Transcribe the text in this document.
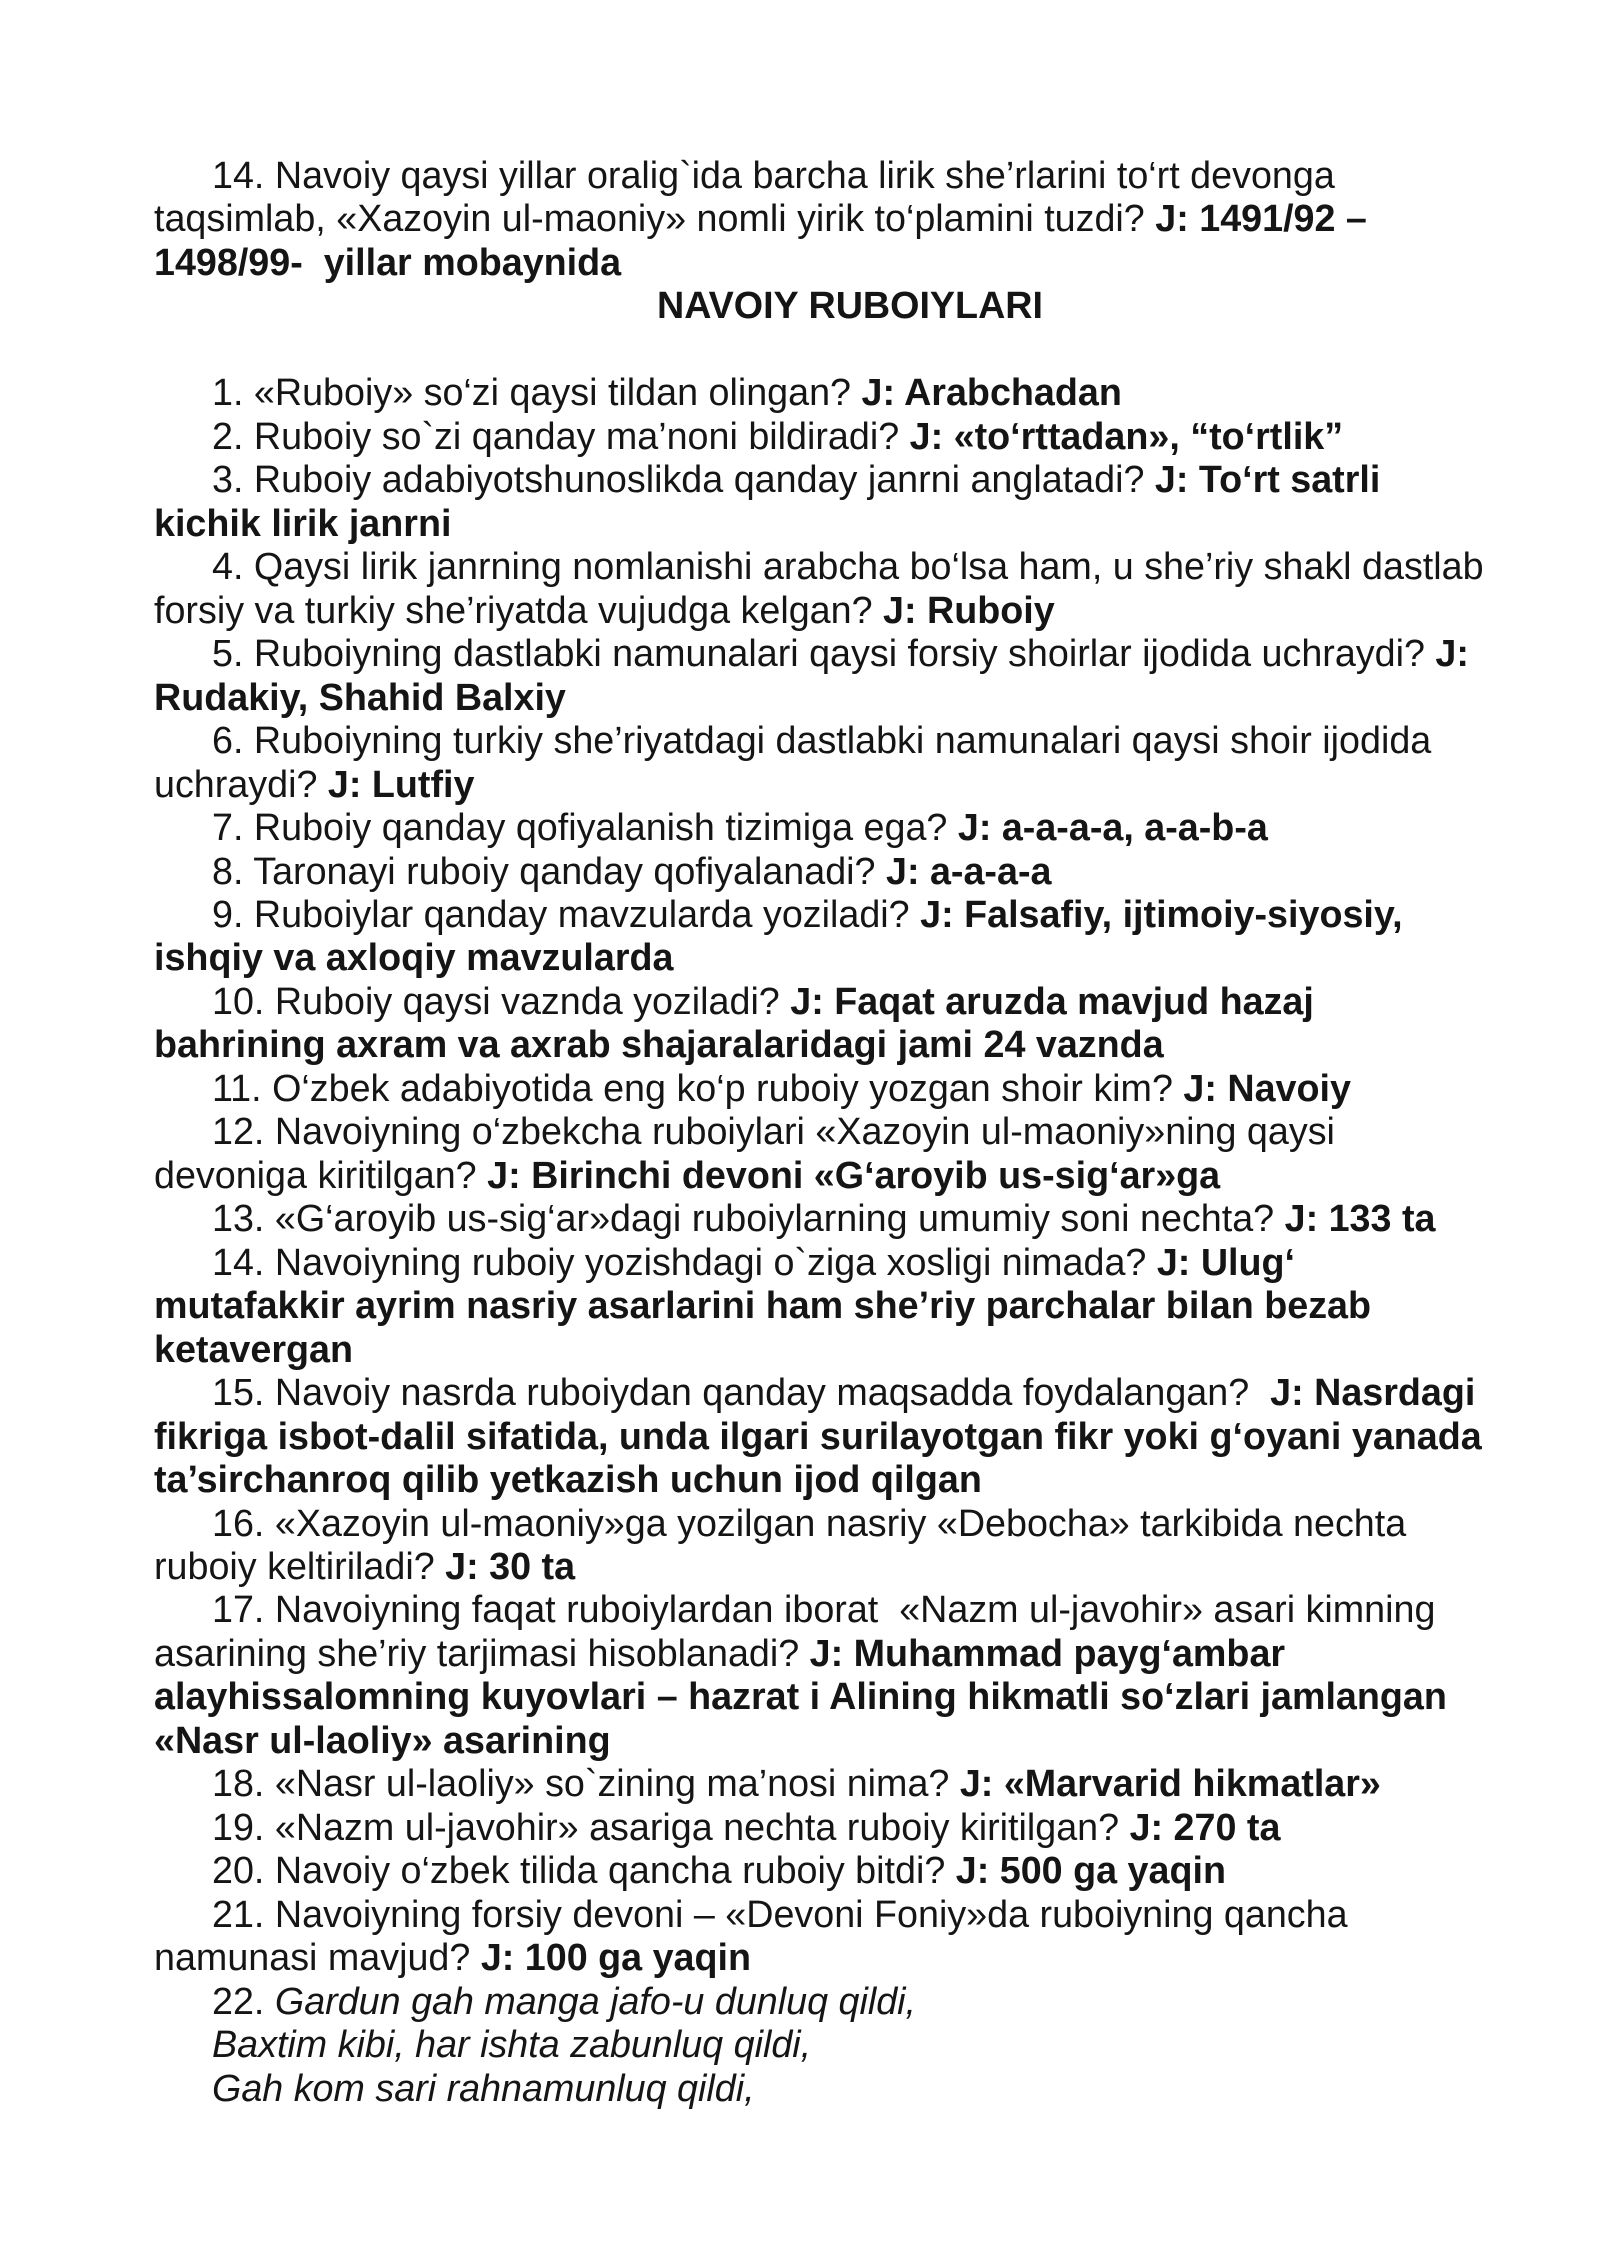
14. Navoiy qaysi yillar oralig`ida barcha lirik she’rlarini to‘rt devonga
taqsimlab, «Xazoyin ul-maoniy» nomli yirik to‘plamini tuzdi? J: 1491/92 –
1498/99-  yillar mobaynida
NAVOIY RUBOIYLARI
1. «Ruboiy» so‘zi qaysi tildan olingan? J: Arabchadan
2. Ruboiy so`zi qanday ma’noni bildiradi? J: «to‘rttadan», “to‘rtlik”
3. Ruboiy adabiyotshunoslikda qanday janrni anglatadi? J: To‘rt satrli
kichik lirik janrni
4. Qaysi lirik janrning nomlanishi arabcha bo‘lsa ham, u she’riy shakl dastlab
forsiy va turkiy she’riyatda vujudga kelgan? J: Ruboiy
5. Ruboiyning dastlabki namunalari qaysi forsiy shoirlar ijodida uchraydi? J:
Rudakiy, Shahid Balxiy
6. Ruboiyning turkiy she’riyatdagi dastlabki namunalari qaysi shoir ijodida
uchraydi? J: Lutfiy
7. Ruboiy qanday qofiyalanish tizimiga ega? J: a-a-a-a, a-a-b-a
8. Taronayi ruboiy qanday qofiyalanadi? J: a-a-a-a
9. Ruboiylar qanday mavzularda yoziladi? J: Falsafiy, ijtimoiy-siyosiy,
ishqiy va axloqiy mavzularda
10. Ruboiy qaysi vaznda yoziladi? J: Faqat aruzda mavjud hazaj
bahrining axram va axrab shajaralaridagi jami 24 vaznda
11. O‘zbek adabiyotida eng ko‘p ruboiy yozgan shoir kim? J: Navoiy
12. Navoiyning o‘zbekcha ruboiylari «Xazoyin ul-maoniy»ning qaysi
devoniga kiritilgan? J: Birinchi devoni «G‘aroyib us-sig‘ar»ga
13. «G‘aroyib us-sig‘ar»dagi ruboiylarning umumiy soni nechta? J: 133 ta
14. Navoiyning ruboiy yozishdagi o`ziga xosligi nimada? J: Ulug‘
mutafakkir ayrim nasriy asarlarini ham she’riy parchalar bilan bezab
ketavergan
15. Navoiy nasrda ruboiydan qanday maqsadda foydalangan?  J: Nasrdagi
fikriga isbot-dalil sifatida, unda ilgari surilayotgan fikr yoki g‘oyani yanada
ta’sirchanroq qilib yetkazish uchun ijod qilgan
16. «Xazoyin ul-maoniy»ga yozilgan nasriy «Debocha» tarkibida nechta
ruboiy keltiriladi? J: 30 ta
17. Navoiyning faqat ruboiylardan iborat  «Nazm ul-javohir» asari kimning
asarining she’riy tarjimasi hisoblanadi? J: Muhammad payg‘ambar
alayhissalomning kuyovlari – hazrat i Alining hikmatli so‘zlari jamlangan
«Nasr ul-laoliy» asarining
18. «Nasr ul-laoliy» so`zining ma’nosi nima? J: «Marvarid hikmatlar»
19. «Nazm ul-javohir» asariga nechta ruboiy kiritilgan? J: 270 ta
20. Navoiy o‘zbek tilida qancha ruboiy bitdi? J: 500 ga yaqin
21. Navoiyning forsiy devoni – «Devoni Foniy»da ruboiyning qancha
namunasi mavjud? J: 100 ga yaqin
22. Gardun gah manga jafo-u dunluq qildi,
Baxtim kibi, har ishta zabunluq qildi,
Gah kom sari rahnamunluq qildi,
